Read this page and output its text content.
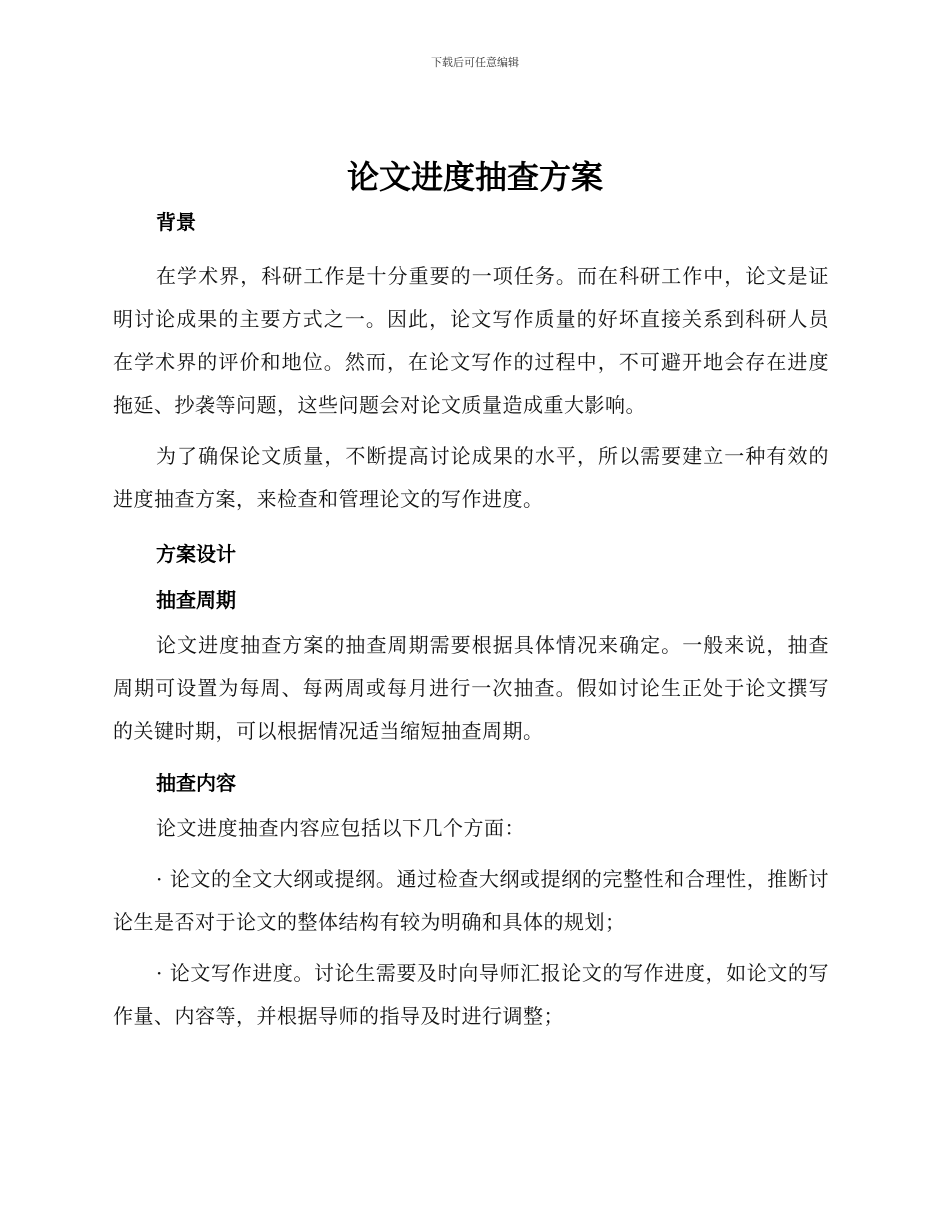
下载后可任意编辑
论文进度抽查方案

背景

在学术界，科研工作是十分重要的一项任务。而在科研工作中，论文是证明讨论成果的主要方式之一。因此，论文写作质量的好坏直接关系到科研人员在学术界的评价和地位。然而，在论文写作的过程中，不可避开地会存在进度拖延、抄袭等问题，这些问题会对论文质量造成重大影响。

为了确保论文质量，不断提高讨论成果的水平，所以需要建立一种有效的进度抽查方案，来检查和管理论文的写作进度。

方案设计

抽查周期

论文进度抽查方案的抽查周期需要根据具体情况来确定。一般来说，抽查周期可设置为每周、每两周或每月进行一次抽查。假如讨论生正处于论文撰写的关键时期，可以根据情况适当缩短抽查周期。

抽查内容

论文进度抽查内容应包括以下几个方面：

· 论文的全文大纲或提纲。通过检查大纲或提纲的完整性和合理性，推断讨论生是否对于论文的整体结构有较为明确和具体的规划；

· 论文写作进度。讨论生需要及时向导师汇报论文的写作进度，如论文的写作量、内容等，并根据导师的指导及时进行调整；
